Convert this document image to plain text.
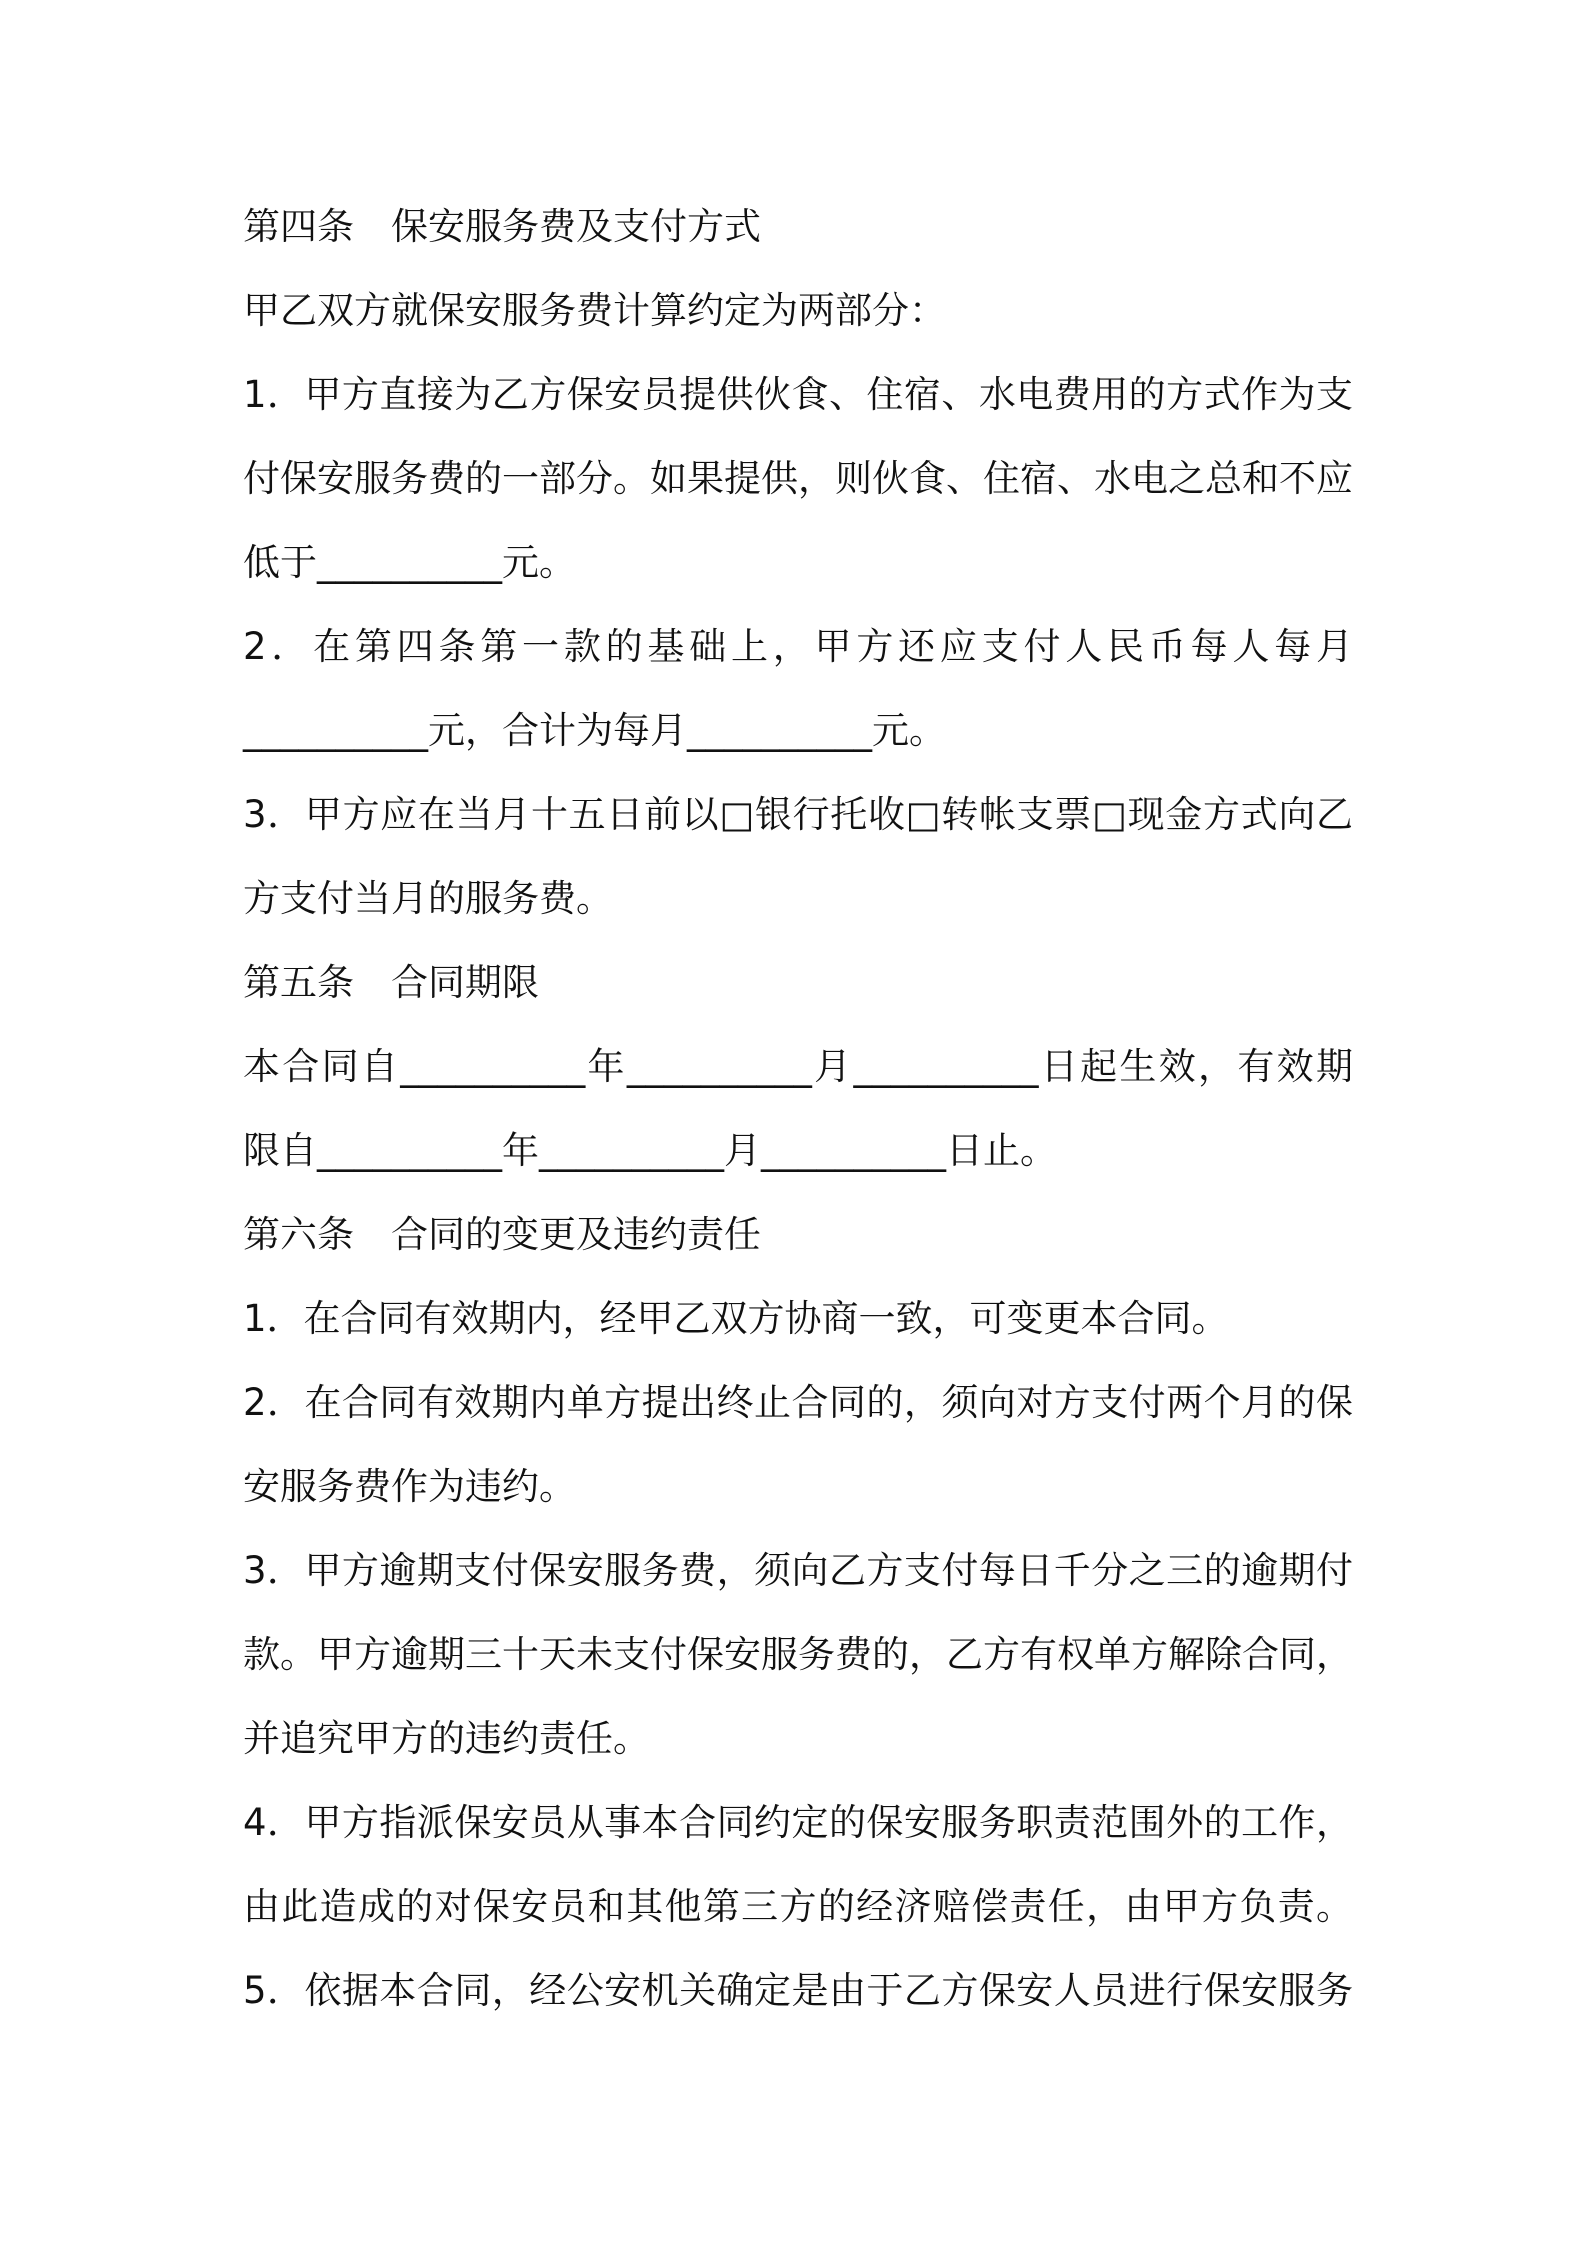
第四条　保安服务费及支付方式
甲乙双方就保安服务费计算约定为两部分：
1．甲方直接为乙方保安员提供伙食、住宿、水电费用的方式作为支
付保安服务费的一部分。如果提供，则伙食、住宿、水电之总和不应
低于__________元。
2．在第四条第一款的基础上，甲方还应支付人民币每人每月
__________元，合计为每月__________元。
3．甲方应在当月十五日前以□银行托收□转帐支票□现金方式向乙
方支付当月的服务费。
第五条　合同期限
本合同自__________年__________月__________日起生效，有效期
限自__________年__________月__________日止。
第六条　合同的变更及违约责任
1．在合同有效期内，经甲乙双方协商一致，可变更本合同。
2．在合同有效期内单方提出终止合同的，须向对方支付两个月的保
安服务费作为违约。
3．甲方逾期支付保安服务费，须向乙方支付每日千分之三的逾期付
款。甲方逾期三十天未支付保安服务费的，乙方有权单方解除合同，
并追究甲方的违约责任。
4．甲方指派保安员从事本合同约定的保安服务职责范围外的工作，
由此造成的对保安员和其他第三方的经济赔偿责任，由甲方负责。
5．依据本合同，经公安机关确定是由于乙方保安人员进行保安服务
